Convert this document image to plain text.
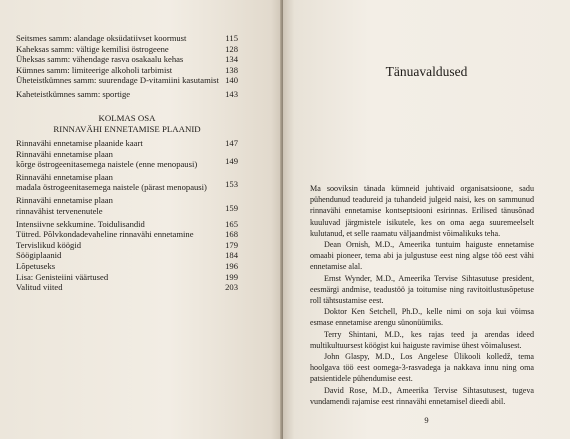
Seitsmes samm: alandage oksüdatiivset koormust	115
Kaheksas samm: vältige kemilisi östrogeene	128
Üheksas samm: vähendage rasva osakaalu kehas	134
Kümnes samm: limiteerige alkoholi tarbimist	138
Üheteistkümnes samm: suurendage D-vitamiini kasutamist 140
Kaheteistkümnes samm: sportige	143
KOLMAS OSA
RINNAVÄHI ENNETAMISE PLAANID
Rinnavähi ennetamise plaanide kaart	147
Rinnavähi ennetamise plaan
kõrge östrogeenitasemega naistele (enne menopausi)	149
Rinnavähi ennetamise plaan
madala östrogeenitasemega naistele (pärast menopausi) 153
Rinnavähi ennetamise plaan
rinnavähist tervenenutele	159
Intensiivne sekkumine. Toidulisandid	165
Tütred. Põlvkondadevaheline rinnavähi ennetamine	168
Tervislikud köögid	179
Söögiplaanid	184
Lõpetuseks	196
Lisa: Genisteiini väärtused	199
Valitud viited	203
Tänuavaldused

Ma sooviksin tänada kümneid juhtivaid organisatsioone, sadu pühendunud teadureid ja tuhandeid julgeid naisi, kes on sammunud rinnavähi ennetamise kontseptsiooni esirinnas. Erilised tänusõnad kuuluvad järgmistele isikutele, kes on oma aega suuremeelselt kulutanud, et selle raamatu väljaandmist võimalikuks teha.

Dean Ornish, M.D., Ameerika tuntuim haiguste ennetamise omaabi pioneer, tema abi ja julgustuse eest ning algse töö eest vähi ennetamise alal.

Ernst Wynder, M.D., Ameerika Tervise Sihtasutuse president, eesmärgi andmise, teadustöö ja toitumise ning ravitoitlustusõpetuse roll tähtsustamise eest.

Doktor Ken Setchell, Ph.D., kelle nimi on soja kui võimsa esmase ennetamise arengu sünonüümiks.

Terry Shintani, M.D., kes rajas teed ja arendas ideed multikultuursest köögist kui haiguste ravimise ühest võimalusest.

John Glaspy, M.D., Los Angelese Ülikooli kolledž, tema hoolgava töö eest oomega-3-rasvadega ja nakkava innu ning oma patsientidele pühendumise eest.

David Rose, M.D., Ameerika Tervise Sihtasutusest, tugeva vundamendi rajamise eest rinnavähi ennetamisel dieedi abil.

9
